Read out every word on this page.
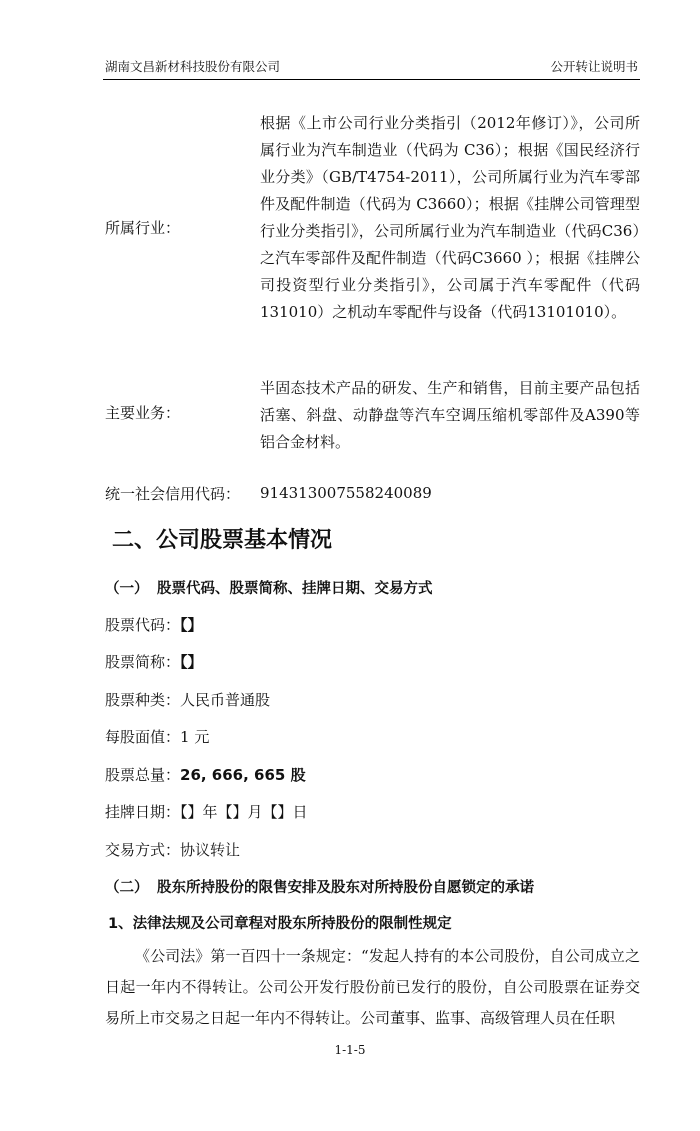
湖南文昌新材科技股份有限公司	公开转让说明书
所属行业：
根据《上市公司行业分类指引（2012年修订）》，公司所属行业为汽车制造业（代码为 C36）；根据《国民经济行业分类》（GB/T4754-2011），公司所属行业为汽车零部件及配件制造（代码为 C3660）；根据《挂牌公司管理型行业分类指引》，公司所属行业为汽车制造业（代码C36）之汽车零部件及配件制造（代码C3660 ）；根据《挂牌公司投资型行业分类指引》，公司属于汽车零配件（代码131010）之机动车零配件与设备（代码13101010）。
主要业务：
半固态技术产品的研发、生产和销售，目前主要产品包括活塞、斜盘、动静盘等汽车空调压缩机零部件及A390等铝合金材料。
统一社会信用代码： 914313007558240089
二、公司股票基本情况
（一） 股票代码、股票简称、挂牌日期、交易方式
股票代码：【】
股票简称：【】
股票种类：人民币普通股
每股面值：1 元
股票总量：26, 666, 665 股
挂牌日期：【】年【】月【】日
交易方式：协议转让
（二） 股东所持股份的限售安排及股东对所持股份自愿锁定的承诺
1、法律法规及公司章程对股东所持股份的限制性规定
《公司法》第一百四十一条规定：“发起人持有的本公司股份，自公司成立之日起一年内不得转让。公司公开发行股份前已发行的股份，自公司股票在证券交易所上市交易之日起一年内不得转让。公司董事、监事、高级管理人员在任职
1-1-5
